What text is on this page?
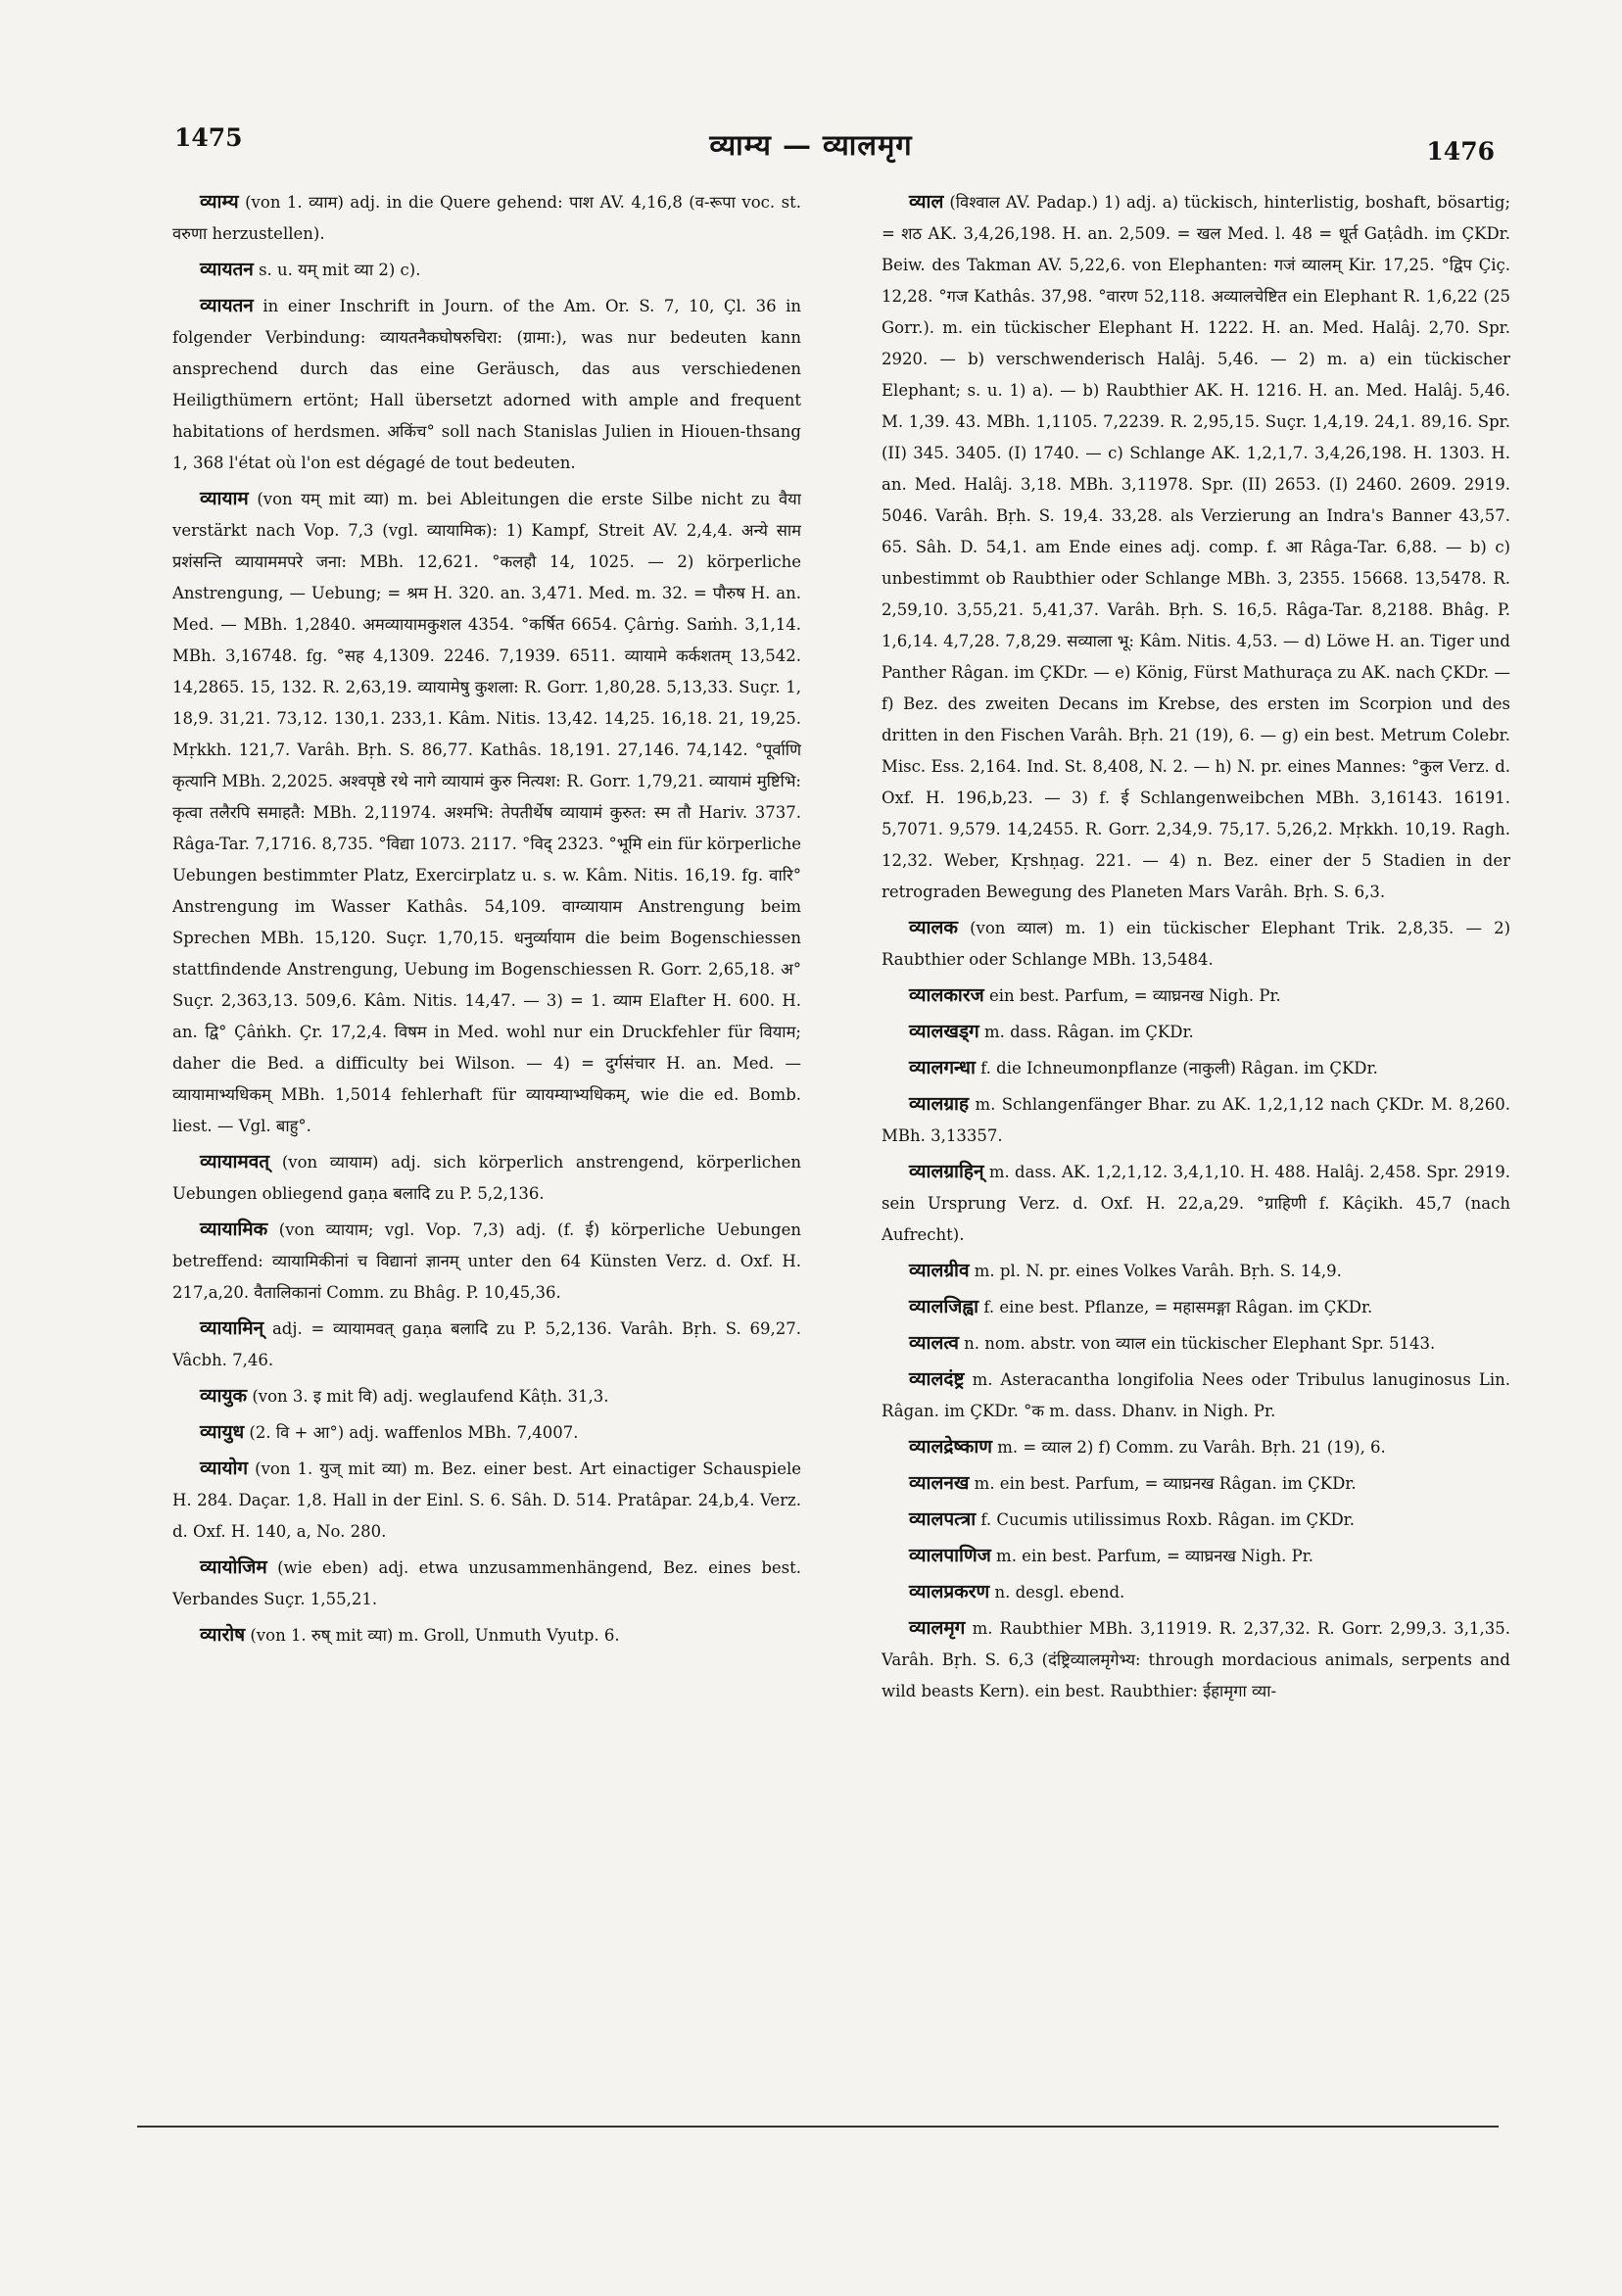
1475	व्याम्य — व्यालमृग	1476

व्याम्य (von 1. व्याम) adj. in die Quere gehend: पाश AV. 4,16,8 (व-रूपा voc. st. वरुणा herzustellen).

व्यायतन s. u. यम् mit व्या 2) c).

व्यायतन in einer Inschrift in Journ. of the Am. Or. S. 7, 10, Çl. 36 in folgender Verbindung: व्यायतनैकघोषरुचिरा: (ग्रामा:), was nur bedeuten kann ansprechend durch das eine Geräusch, das aus verschiedenen Heiligthümern ertönt; Hall übersetzt adorned with ample and frequent habitations of herdsmen. अकिंच° soll nach Stanislas Julien in Hiouen-thsang 1, 368 l'état où l'on est dégagé de tout bedeuten.

व्यायाम (von यम् mit व्या) m. bei Ableitungen die erste Silbe nicht zu वैया verstärkt nach Vop. 7,3 (vgl. व्यायामिक): 1) Kampf, Streit AV. 2,4,4. अन्ये साम प्रशंसन्ति व्यायाममपरे जना: MBh. 12,621. °कलहौ 14, 1025. — 2) körperliche Anstrengung, — Uebung; = श्रम H. 320. an. 3,471. Med. m. 32. = पौरुष H. an. Med. — MBh. 1,2840. अमव्यायामकुशल 4354. °कर्षित 6654. Çârṅg. Saṁh. 3,1,14. MBh. 3,16748. fg. °सह 4,1309. 2246. 7,1939. 6511. व्यायामे कर्कशतम् 13,542. 14,2865. 15, 132. R. 2,63,19. व्यायामेषु कुशला: R. Gorr. 1,80,28. 5,13,33. Suçr. 1, 18,9. 31,21. 73,12. 130,1. 233,1. Kâm. Nitis. 13,42. 14,25. 16,18. 21, 19,25. Mṛkkh. 121,7. Varâh. Bṛh. S. 86,77. Kathâs. 18,191. 27,146. 74,142. °पूर्वाणि कृत्यानि MBh. 2,2025. अश्वपृष्ठे रथे नागे व्यायामं कुरु नित्यश: R. Gorr. 1,79,21. व्यायामं मुष्टिभि: कृत्वा तलैरपि समाहतै: MBh. 2,11974. अश्मभि: तेपतीर्थेष व्यायामं कुरुत: स्म तौ Hariv. 3737. Râga-Tar. 7,1716. 8,735. °विद्या 1073. 2117. °विद् 2323. °भूमि ein für körperliche Uebungen bestimmter Platz, Exercirplatz u. s. w. Kâm. Nitis. 16,19. fg. वारि° Anstrengung im Wasser Kathâs. 54,109. वाग्व्यायाम Anstrengung beim Sprechen MBh. 15,120. Suçr. 1,70,15. धनुर्व्यायाम die beim Bogenschiessen stattfindende Anstrengung, Uebung im Bogenschiessen R. Gorr. 2,65,18. अ° Suçr. 2,363,13. 509,6. Kâm. Nitis. 14,47. — 3) = 1. व्याम Elafter H. 600. H. an. द्वि° Çâṅkh. Çr. 17,2,4. विषम in Med. wohl nur ein Druckfehler für वियाम; daher die Bed. a difficulty bei Wilson. — 4) = दुर्गसंचार H. an. Med. — व्यायामाभ्यधिकम् MBh. 1,5014 fehlerhaft für व्यायम्याभ्यधिकम्, wie die ed. Bomb. liest. — Vgl. बाहु°.

व्यायामवत् (von व्यायाम) adj. sich körperlich anstrengend, körperlichen Uebungen obliegend gaṇa बलादि zu P. 5,2,136.

व्यायामिक (von व्यायाम; vgl. Vop. 7,3) adj. (f. ई) körperliche Uebungen betreffend: व्यायामिकीनां च विद्यानां ज्ञानम् unter den 64 Künsten Verz. d. Oxf. H. 217,a,20. वैतालिकानां Comm. zu Bhâg. P. 10,45,36.

व्यायामिन् adj. = व्यायामवत् gaṇa बलादि zu P. 5,2,136. Varâh. Bṛh. S. 69,27. Vâcbh. 7,46.

व्यायुक (von 3. इ mit वि) adj. weglaufend Kâṭh. 31,3.

व्यायुध (2. वि + आ°) adj. waffenlos MBh. 7,4007.

व्यायोग (von 1. युज् mit व्या) m. Bez. einer best. Art einactiger Schauspiele H. 284. Daçar. 1,8. Hall in der Einl. S. 6. Sâh. D. 514. Pratâpar. 24,b,4. Verz. d. Oxf. H. 140, a, No. 280.

व्यायोजिम (wie eben) adj. etwa unzusammenhängend, Bez. eines best. Verbandes Suçr. 1,55,21.

व्यारोष (von 1. रुष् mit व्या) m. Groll, Unmuth Vyutp. 6.

व्याल (विश्वाल AV. Padap.) 1) adj. a) tückisch, hinterlistig, boshaft, bösartig; = शठ AK. 3,4,26,198. H. an. 2,509. = खल Med. l. 48 = धूर्त Gaṭâdh. im ÇKDr. Beiw. des Takman AV. 5,22,6. von Elephanten: गजं व्यालम् Kir. 17,25. °द्विप Çiç. 12,28. °गज Kathâs. 37,98. °वारण 52,118. अव्यालचेष्टित ein Elephant R. 1,6,22 (25 Gorr.). m. ein tückischer Elephant H. 1222. H. an. Med. Halâj. 2,70. Spr. 2920. — b) verschwenderisch Halâj. 5,46. — 2) m. a) ein tückischer Elephant; s. u. 1) a). — b) Raubthier AK. H. 1216. H. an. Med. Halâj. 5,46. M. 1,39. 43. MBh. 1,1105. 7,2239. R. 2,95,15. Suçr. 1,4,19. 24,1. 89,16. Spr. (II) 345. 3405. (I) 1740. — c) Schlange AK. 1,2,1,7. 3,4,26,198. H. 1303. H. an. Med. Halâj. 3,18. MBh. 3,11978. Spr. (II) 2653. (I) 2460. 2609. 2919. 5046. Varâh. Bṛh. S. 19,4. 33,28. als Verzierung an Indra's Banner 43,57. 65. Sâh. D. 54,1. am Ende eines adj. comp. f. आ Râga-Tar. 6,88. — b) c) unbestimmt ob Raubthier oder Schlange MBh. 3, 2355. 15668. 13,5478. R. 2,59,10. 3,55,21. 5,41,37. Varâh. Bṛh. S. 16,5. Râga-Tar. 8,2188. Bhâg. P. 1,6,14. 4,7,28. 7,8,29. सव्याला भू: Kâm. Nitis. 4,53. — d) Löwe H. an. Tiger und Panther Râgan. im ÇKDr. — e) König, Fürst Mathuraça zu AK. nach ÇKDr. — f) Bez. des zweiten Decans im Krebse, des ersten im Scorpion und des dritten in den Fischen Varâh. Bṛh. 21 (19), 6. — g) ein best. Metrum Colebr. Misc. Ess. 2,164. Ind. St. 8,408, N. 2. — h) N. pr. eines Mannes: °कुल Verz. d. Oxf. H. 196,b,23. — 3) f. ई Schlangenweibchen MBh. 3,16143. 16191. 5,7071. 9,579. 14,2455. R. Gorr. 2,34,9. 75,17. 5,26,2. Mṛkkh. 10,19. Ragh. 12,32. Weber, Kṛshṇag. 221. — 4) n. Bez. einer der 5 Stadien in der retrograden Bewegung des Planeten Mars Varâh. Bṛh. S. 6,3.

व्यालक (von व्याल) m. 1) ein tückischer Elephant Trik. 2,8,35. — 2) Raubthier oder Schlange MBh. 13,5484.

व्यालकारज ein best. Parfum, = व्याघ्रनख Nigh. Pr.

व्यालखड्ग m. dass. Râgan. im ÇKDr.

व्यालगन्धा f. die Ichneumonpflanze (नाकुली) Râgan. im ÇKDr.

व्यालग्राह m. Schlangenfänger Bhar. zu AK. 1,2,1,12 nach ÇKDr. M. 8,260. MBh. 3,13357.

व्यालग्राहिन् m. dass. AK. 1,2,1,12. 3,4,1,10. H. 488. Halâj. 2,458. Spr. 2919. sein Ursprung Verz. d. Oxf. H. 22,a,29. °ग्राहिणी f. Kâçikh. 45,7 (nach Aufrecht).

व्यालग्रीव m. pl. N. pr. eines Volkes Varâh. Bṛh. S. 14,9.

व्यालजिह्वा f. eine best. Pflanze, = महासमङ्गा Râgan. im ÇKDr.

व्यालत्व n. nom. abstr. von व्याल ein tückischer Elephant Spr. 5143.

व्यालदंष्ट्र m. Asteracantha longifolia Nees oder Tribulus lanuginosus Lin. Râgan. im ÇKDr. °क m. dass. Dhanv. in Nigh. Pr.

व्यालद्रेष्काण m. = व्याल 2) f) Comm. zu Varâh. Bṛh. 21 (19), 6.

व्यालनख m. ein best. Parfum, = व्याघ्रनख Râgan. im ÇKDr.

व्यालपत्त्रा f. Cucumis utilissimus Roxb. Râgan. im ÇKDr.

व्यालपाणिज m. ein best. Parfum, = व्याघ्रनख Nigh. Pr.

व्यालप्रकरण n. desgl. ebend.

व्यालमृग m. Raubthier MBh. 3,11919. R. 2,37,32. R. Gorr. 2,99,3. 3,1,35. Varâh. Bṛh. S. 6,3 (दंष्ट्रिव्यालमृगेभ्य: through mordacious animals, serpents and wild beasts Kern). ein best. Raubthier: ईहामृगा व्या-
